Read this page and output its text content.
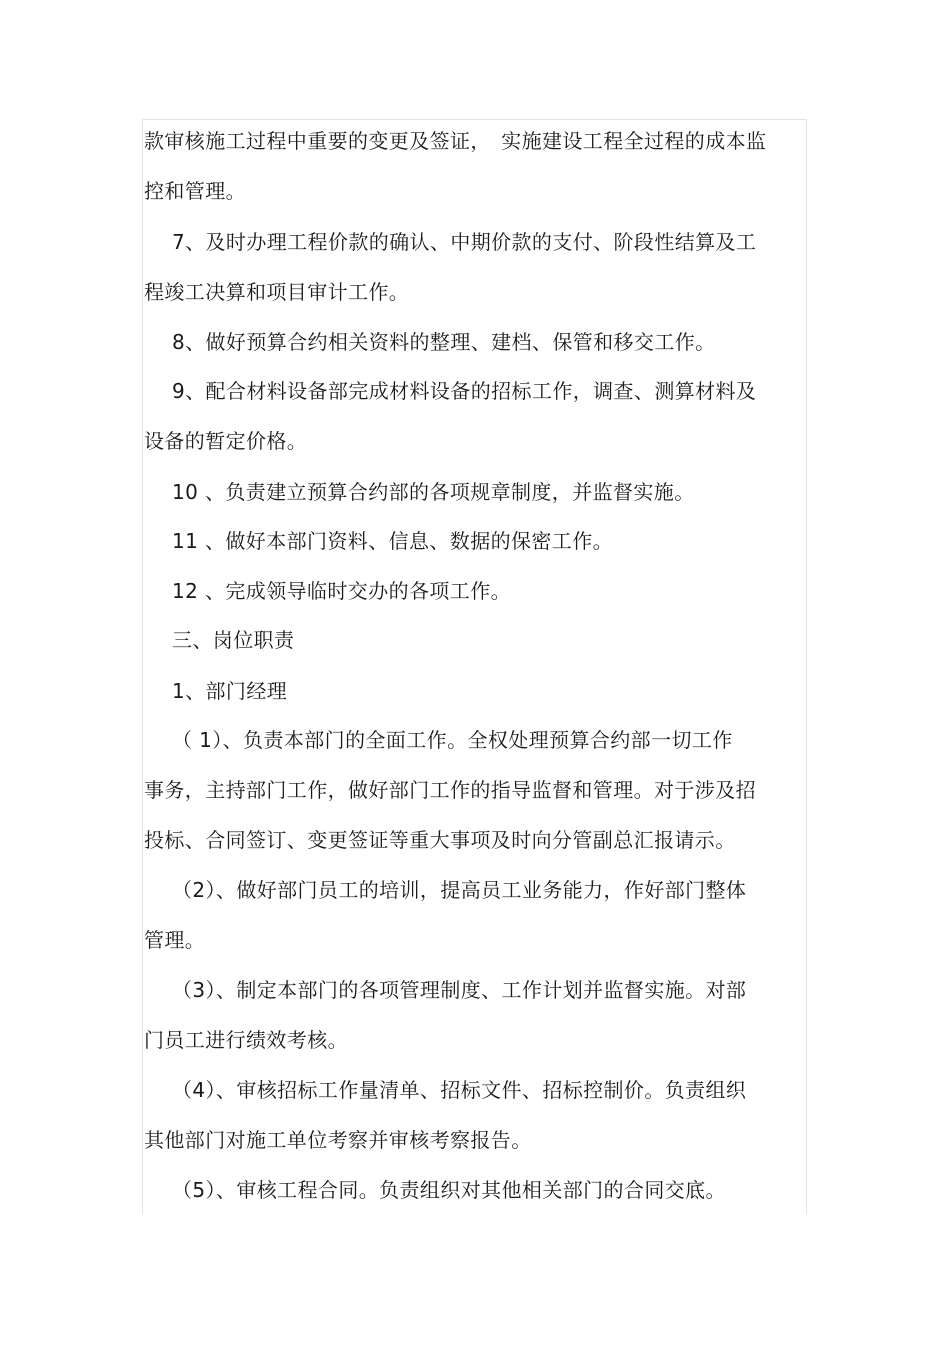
款审核施工过程中重要的变更及签证，　实施建设工程全过程的成本监
控和管理。
7、及时办理工程价款的确认、中期价款的支付、阶段性结算及工
程竣工决算和项目审计工作。
8、做好预算合约相关资料的整理、建档、保管和移交工作。
9、配合材料设备部完成材料设备的招标工作，调查、测算材料及
设备的暂定价格。
10 、负责建立预算合约部的各项规章制度，并监督实施。
11 、做好本部门资料、信息、数据的保密工作。
12 、完成领导临时交办的各项工作。
三、岗位职责
1、部门经理
（ 1）、负责本部门的全面工作。全权处理预算合约部一切工作
事务，主持部门工作，做好部门工作的指导监督和管理。对于涉及招
投标、合同签订、变更签证等重大事项及时向分管副总汇报请示。
（2）、做好部门员工的培训，提高员工业务能力，作好部门整体
管理。
（3）、制定本部门的各项管理制度、工作计划并监督实施。对部
门员工进行绩效考核。
（4）、审核招标工作量清单、招标文件、招标控制价。负责组织
其他部门对施工单位考察并审核考察报告。
（5）、审核工程合同。负责组织对其他相关部门的合同交底。
